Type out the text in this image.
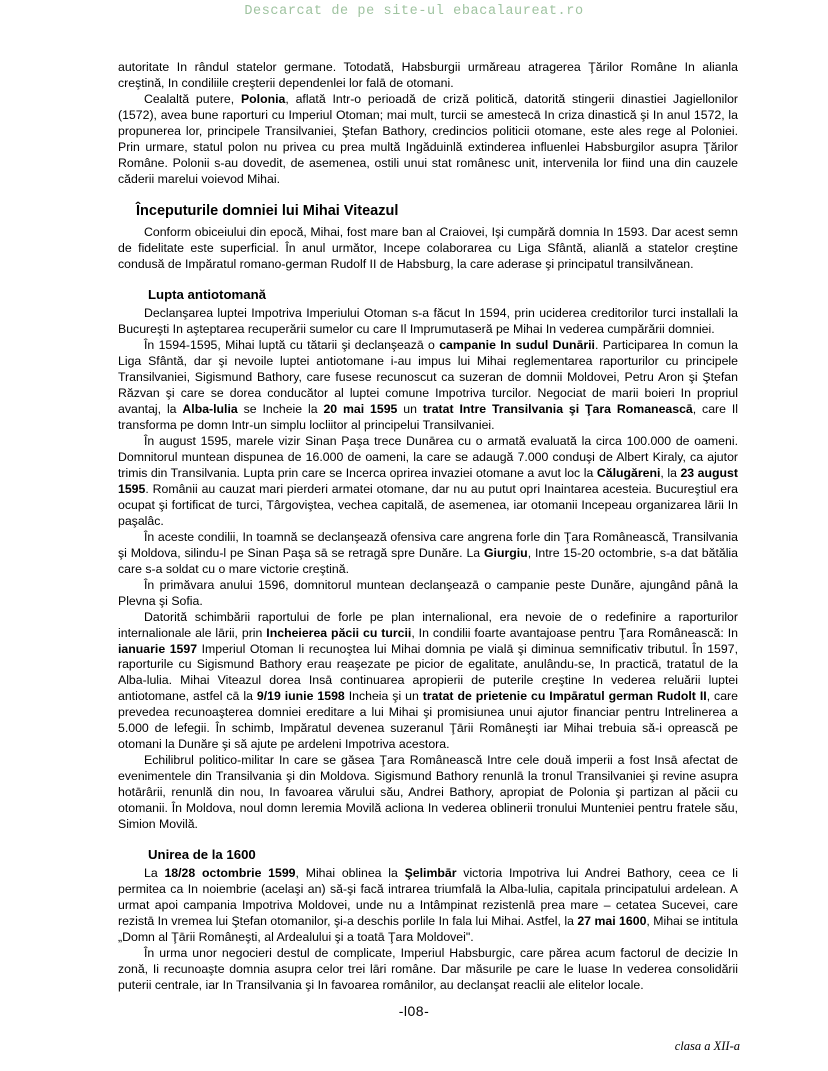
Descarcat de pe site-ul ebacalaureat.ro

autoritate In rândul statelor germane. Totodată, Habsburgii urmăreau atragerea Ţărilor Române In alianla creştină, In condiliile creşterii dependenlei lor falā de otomani.

Cealaltă putere, Polonia, aflată Intr-o perioadă de criză politică, datorită stingerii dinastiei Jagiellonilor (1572), avea bune raporturi cu Imperiul Otoman; mai mult, turcii se amestecā In criza dinastică şi In anul 1572, la propunerea lor, principele Transilvaniei, Ştefan Bathory, credincios politicii otomane, este ales rege al Poloniei. Prin urmare, statul polon nu privea cu prea multă Ingăduinlă extinderea influenlei Habsburgilor asupra Ţărilor Române. Polonii s-au dovedit, de asemenea, ostili unui stat românesc unit, intervenila lor fiind una din cauzele căderii marelui voievod Mihai.

Începuturile domniei lui Mihai Viteazul

Conform obiceiului din epocă, Mihai, fost mare ban al Craiovei, Işi cumpără domnia In 1593. Dar acest semn de fidelitate este superficial. În anul următor, Incepe colaborarea cu Liga Sfântă, alianlă a statelor creştine condusă de Impăratul romano-german Rudolf II de Habsburg, la care aderase şi principatul transilvănean.

Lupta antiotomană

Declanşarea luptei Impotriva Imperiului Otoman s-a făcut In 1594, prin uciderea creditorilor turci installali la Bucureşti In aşteptarea recuperării sumelor cu care Il Imprumutaseră pe Mihai In vederea cumpărării domniei.

În 1594-1595, Mihai luptă cu tătarii şi declanşeazā o campanie In sudul Dunārii. Participarea In comun la Liga Sfântă, dar şi nevoile luptei antiotomane i-au impus lui Mihai reglementarea raporturilor cu principele Transilvaniei, Sigismund Bathory, care fusese recunoscut ca suzeran de domnii Moldovei, Petru Aron şi Ştefan Răzvan şi care se dorea conducător al luptei comune Impotriva turcilor. Negociat de marii boieri In propriul avantaj, la Alba-lulia se Incheie la 20 mai 1595 un tratat Intre Transilvania şi Ţara Romaneascā, care Il transforma pe domn Intr-un simplu locliitor al principelui Transilvaniei.

În august 1595, marele vizir Sinan Paşa trece Dunārea cu o armată evaluată la circa 100.000 de oameni. Domnitorul muntean dispunea de 16.000 de oameni, la care se adaugă 7.000 conduşi de Albert Kiraly, ca ajutor trimis din Transilvania. Lupta prin care se Incerca oprirea invaziei otomane a avut loc la Călugăreni, la 23 august 1595. Românii au cauzat mari pierderi armatei otomane, dar nu au putut opri Inaintarea acesteia. Bucureştiul era ocupat şi fortificat de turci, Târgoviştea, vechea capitală, de asemenea, iar otomanii Incepeau organizarea lārii In paşalâc.

În aceste condilii, In toamnă se declanşează ofensiva care angrena forle din Ţara Românească, Transilvania şi Moldova, silindu-l pe Sinan Paşa sā se retragă spre Dunăre. La Giurgiu, Intre 15-20 octombrie, s-a dat bătălia care s-a soldat cu o mare victorie creştină.

În primăvara anului 1596, domnitorul muntean declanşeazā o campanie peste Dunăre, ajungând pânā la Plevna şi Sofia.

Datorită schimbării raportului de forle pe plan internalional, era nevoie de o redefinire a raporturilor internalionale ale lārii, prin Incheierea păcii cu turcii, In condilii foarte avantajoase pentru Ţara Românească: In ianuarie 1597 Imperiul Otoman Ii recunoştea lui Mihai domnia pe vialā şi diminua semnificativ tributul. În 1597, raporturile cu Sigismund Bathory erau reaşezate pe picior de egalitate, anulându-se, In practicā, tratatul de la Alba-lulia. Mihai Viteazul dorea Insā continuarea apropierii de puterile creştine In vederea reluării luptei antiotomane, astfel cā la 9/19 iunie 1598 Incheia şi un tratat de prietenie cu Impāratul german Rudolt II, care prevedea recunoaşterea domniei ereditare a lui Mihai şi promisiunea unui ajutor financiar pentru Intrelinerea a 5.000 de lefegii. În schimb, Impăratul devenea suzeranul Ţārii Româneşti iar Mihai trebuia să-i oprească pe otomani la Dunăre şi să ajute pe ardeleni Impotriva acestora.

Echilibrul politico-militar In care se găsea Ţara Românească Intre cele două imperii a fost Insā afectat de evenimentele din Transilvania şi din Moldova. Sigismund Bathory renunlā la tronul Transilvaniei şi revine asupra hotārârii, renunlă din nou, In favoarea vărului său, Andrei Bathory, apropiat de Polonia şi partizan al păcii cu otomanii. În Moldova, noul domn leremia Movilă acliona In vederea oblinerii tronului Munteniei pentru fratele său, Simion Movilă.

Unirea de la 1600

La 18/28 octombrie 1599, Mihai oblinea la Şelimbār victoria Impotriva lui Andrei Bathory, ceea ce Ii permitea ca In noiembrie (acelaşi an) să-şi facă intrarea triumfalā la Alba-lulia, capitala principatului ardelean. A urmat apoi campania Impotriva Moldovei, unde nu a Intâmpinat rezistenlā prea mare – cetatea Sucevei, care rezistā In vremea lui Ştefan otomanilor, şi-a deschis porlile In fala lui Mihai. Astfel, la 27 mai 1600, Mihai se intitula „Domn al Ţārii Româneşti, al Ardealului şi a toatā Ţara Moldovei".

În urma unor negocieri destul de complicate, Imperiul Habsburgic, care părea acum factorul de decizie In zonă, Ii recunoaşte domnia asupra celor trei lāri române. Dar măsurile pe care le luase In vederea consolidării puterii centrale, iar In Transilvania şi In favoarea românilor, au declanşat reaclii ale elitelor locale.

-l08-
clasa a XII-a
